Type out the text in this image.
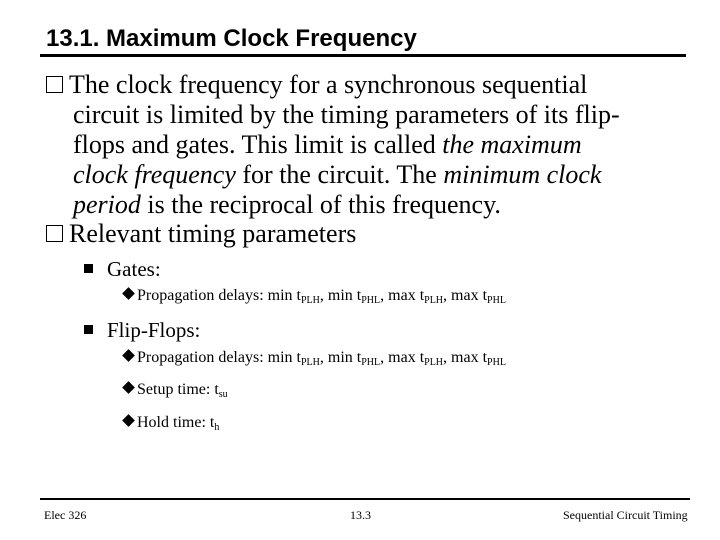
13.1. Maximum Clock Frequency
The clock frequency for a synchronous sequential
circuit is limited by the timing parameters of its flip-
flops and gates. This limit is called the maximum
clock frequency for the circuit. The minimum clock
period is the reciprocal of this frequency.
Relevant timing parameters
Gates:
Propagation delays: $\min t_{PLH}$, $\min t_{PHL}$, $\max t_{PLH}$, $\max t_{PHL}$
Flip-Flops:
Propagation delays: $\min t_{PLH}$, $\min t_{PHL}$, $\max t_{PLH}$, $\max t_{PHL}$
Setup time: $t_{su}$
Hold time: $t_h$
Elec 326	13.3	Sequential Circuit Timing
